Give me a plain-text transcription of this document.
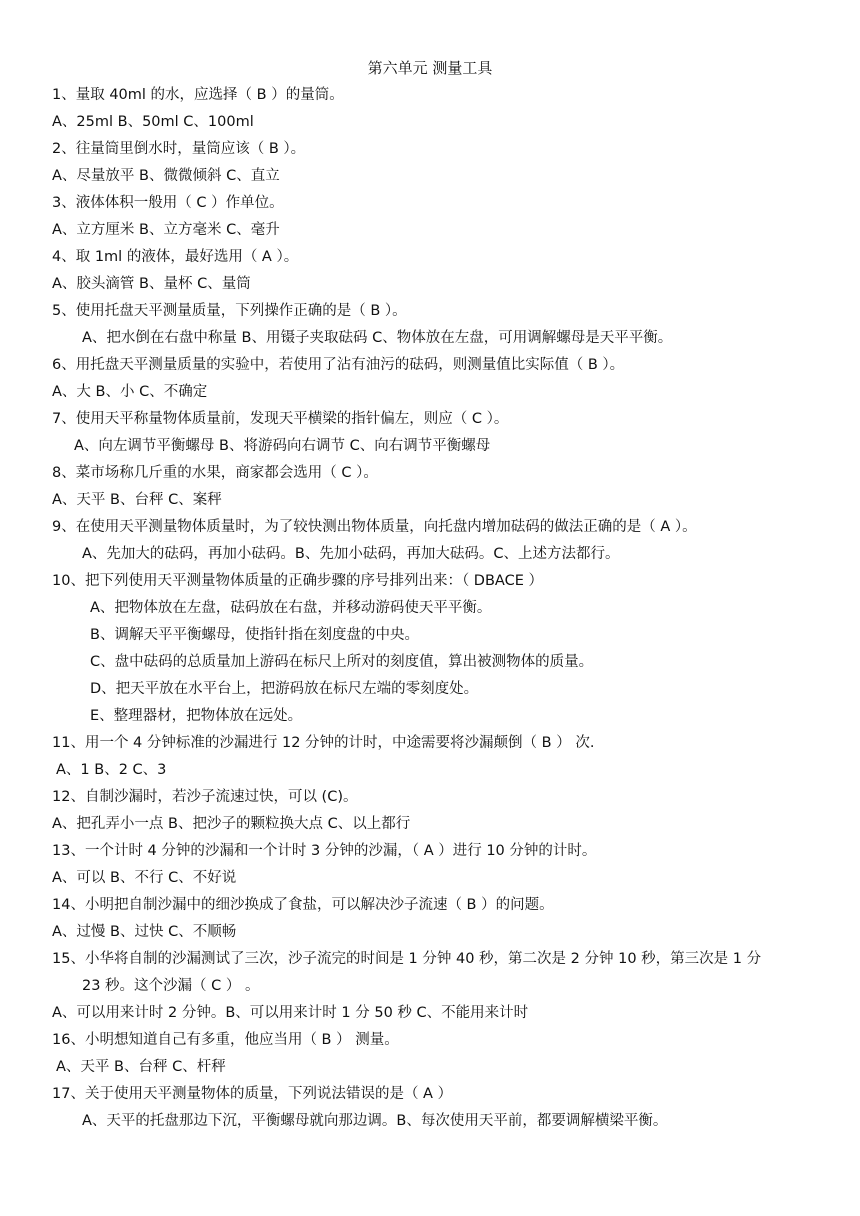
第六单元 测量工具
1、量取 40ml 的水，应选择（ B ）的量筒。
A、25ml B、50ml C、100ml
2、往量筒里倒水时，量筒应该（ B ）。
A、尽量放平 B、微微倾斜 C、直立
3、液体体积一般用（ C ）作单位。
A、立方厘米 B、立方毫米 C、毫升
4、取 1ml 的液体，最好选用（ A ）。
A、胶头滴管 B、量杯 C、量筒
5、使用托盘天平测量质量，下列操作正确的是（ B ）。
A、把水倒在右盘中称量 B、用镊子夹取砝码 C、物体放在左盘，可用调解螺母是天平平衡。
6、用托盘天平测量质量的实验中，若使用了沾有油污的砝码，则测量值比实际值（ B ）。
A、大 B、小 C、不确定
7、使用天平称量物体质量前，发现天平横梁的指针偏左，则应（ C ）。
A、向左调节平衡螺母 B、将游码向右调节 C、向右调节平衡螺母
8、菜市场称几斤重的水果，商家都会选用（ C ）。
A、天平 B、台秤 C、案秤
9、在使用天平测量物体质量时，为了较快测出物体质量，向托盘内增加砝码的做法正确的是（ A ）。
A、先加大的砝码，再加小砝码。B、先加小砝码，再加大砝码。C、上述方法都行。
10、把下列使用天平测量物体质量的正确步骤的序号排列出来：（ DBACE ）
A、把物体放在左盘，砝码放在右盘，并移动游码使天平平衡。
B、调解天平平衡螺母，使指针指在刻度盘的中央。
C、盘中砝码的总质量加上游码在标尺上所对的刻度值，算出被测物体的质量。
D、把天平放在水平台上，把游码放在标尺左端的零刻度处。
E、整理器材，把物体放在远处。
11、用一个 4 分钟标准的沙漏进行 12 分钟的计时，中途需要将沙漏颠倒（ B ） 次.
A、1 B、2 C、3
12、自制沙漏时，若沙子流速过快，可以 (C)。
A、把孔弄小一点 B、把沙子的颗粒换大点 C、以上都行
13、一个计时 4 分钟的沙漏和一个计时 3 分钟的沙漏，（ A ）进行 10 分钟的计时。
A、可以 B、不行 C、不好说
14、小明把自制沙漏中的细沙换成了食盐，可以解决沙子流速（ B ）的问题。
A、过慢 B、过快 C、不顺畅
15、小华将自制的沙漏测试了三次，沙子流完的时间是 1 分钟 40 秒，第二次是 2 分钟 10 秒，第三次是 1 分
23 秒。这个沙漏（ C ） 。
A、可以用来计时 2 分钟。B、可以用来计时 1 分 50 秒 C、不能用来计时
16、小明想知道自己有多重，他应当用（ B ） 测量。
A、天平 B、台秤 C、杆秤
17、关于使用天平测量物体的质量，下列说法错误的是（ A ）
A、天平的托盘那边下沉，平衡螺母就向那边调。B、每次使用天平前，都要调解横梁平衡。
